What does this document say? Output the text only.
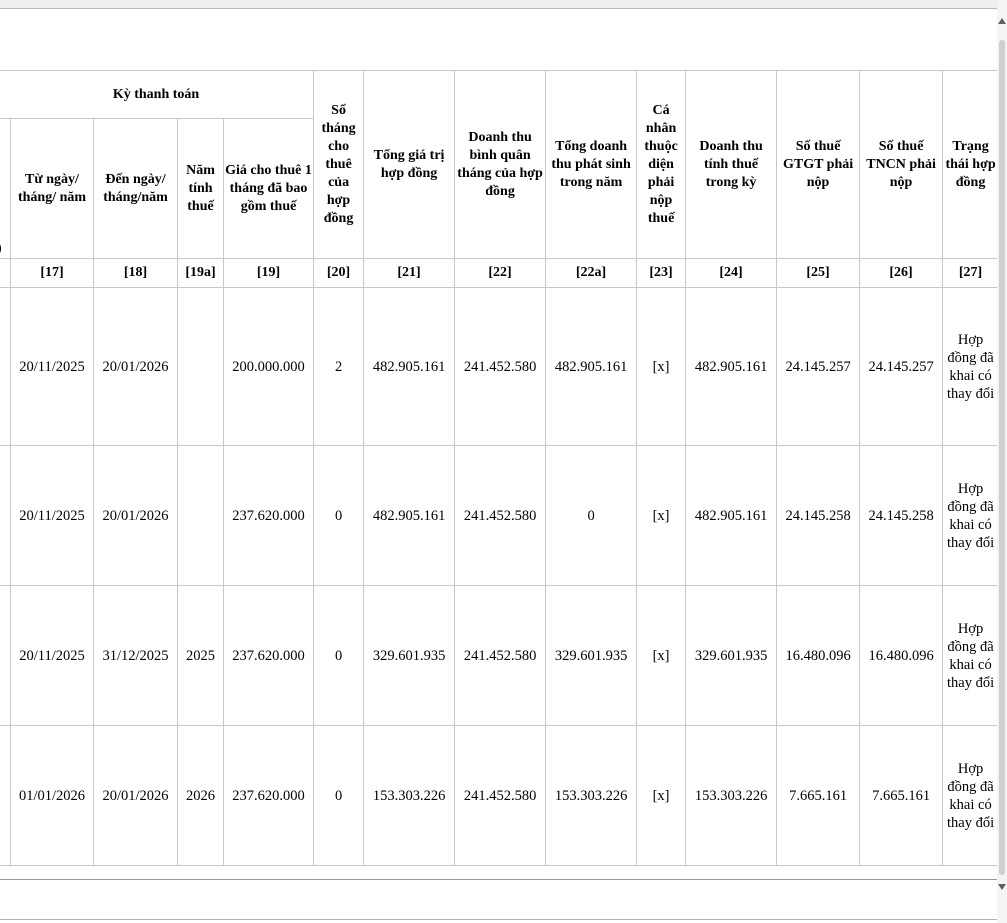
Kỳ thanh toán					Số tháng cho thuê của hợp đồng	Tổng giá trị hợp đồng	Doanh thu bình quân tháng của hợp đồng	Tổng doanh thu phát sinh trong năm	Cá nhân thuộc diện phải nộp thuế	Doanh thu tính thuế trong kỳ	Số thuế GTGT phải nộp	Số thuế TNCN phải nộp	Trạng thái hợp đồng
	Từ ngày/ tháng/ năm	Đến ngày/ tháng/năm	Năm tính thuế	Giá cho thuê 1 tháng đã bao gồm thuế									
	[17]	[18]	[19a]	[19]	[20]	[21]	[22]	[22a]	[23]	[24]	[25]	[26]	[27]
	20/11/2025	20/01/2026		200.000.000	2	482.905.161	241.452.580	482.905.161	[x]	482.905.161	24.145.257	24.145.257	Hợp đồng đã khai có thay đổi
	20/11/2025	20/01/2026		237.620.000	0	482.905.161	241.452.580	0	[x]	482.905.161	24.145.258	24.145.258	Hợp đồng đã khai có thay đổi
	20/11/2025	31/12/2025	2025	237.620.000	0	329.601.935	241.452.580	329.601.935	[x]	329.601.935	16.480.096	16.480.096	Hợp đồng đã khai có thay đổi
	01/01/2026	20/01/2026	2026	237.620.000	0	153.303.226	241.452.580	153.303.226	[x]	153.303.226	7.665.161	7.665.161	Hợp đồng đã khai có thay đổi
